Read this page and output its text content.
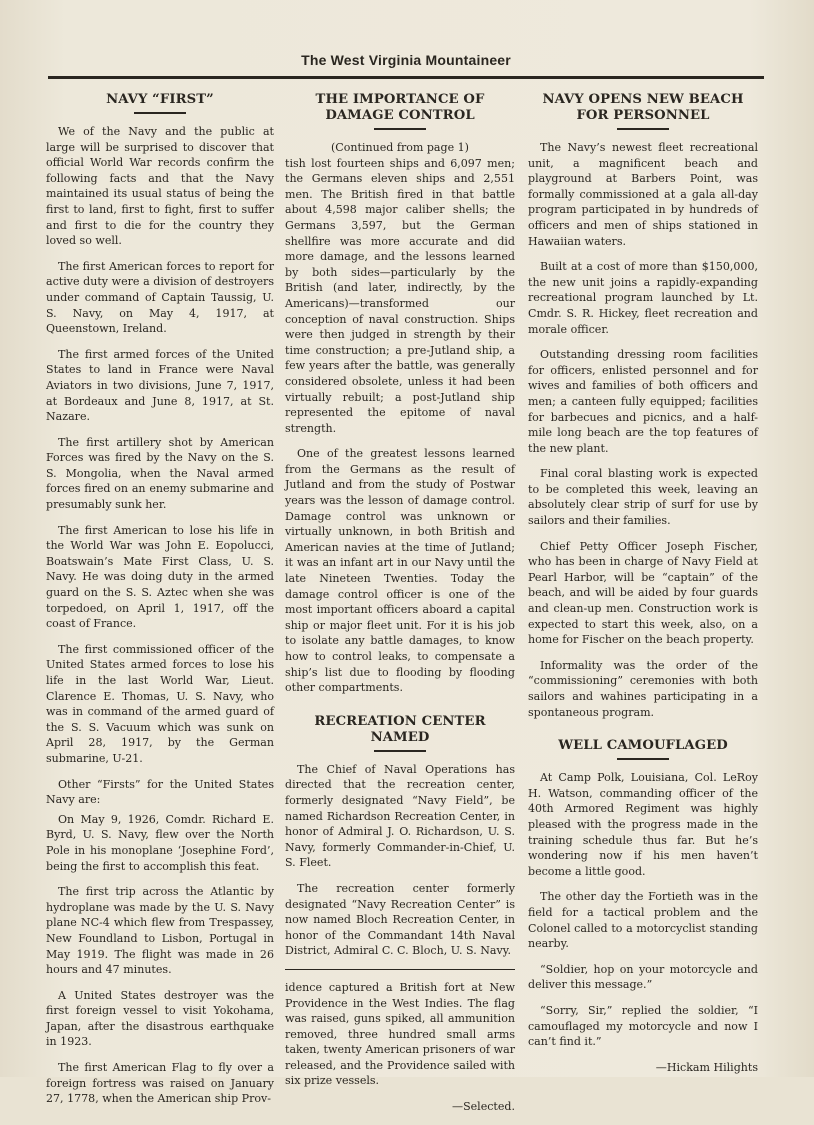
The West Virginia Mountaineer
NAVY “FIRST”

We of the Navy and the public at large will be surprised to discover that official World War records confirm the following facts and that the Navy maintained its usual status of being the first to land, first to fight, first to suffer and first to die for the country they loved so well.

The first American forces to report for active duty were a division of destroyers under command of Captain Taussig, U. S. Navy, on May 4, 1917, at Queenstown, Ireland.

The first armed forces of the United States to land in France were Naval Aviators in two divisions, June 7, 1917, at Bordeaux and June 8, 1917, at St. Nazare.

The first artillery shot by American Forces was fired by the Navy on the S. S. Mongolia, when the Naval armed forces fired on an enemy submarine and presumably sunk her.

The first American to lose his life in the World War was John E. Eopolucci, Boatswain’s Mate First Class, U. S. Navy. He was doing duty in the armed guard on the S. S. Aztec when she was torpedoed, on April 1, 1917, off the coast of France.

The first commissioned officer of the United States armed forces to lose his life in the last World War, Lieut. Clarence E. Thomas, U. S. Navy, who was in command of the armed guard of the S. S. Vacuum which was sunk on April 28, 1917, by the German submarine, U-21.

Other “Firsts” for the United States Navy are:

On May 9, 1926, Comdr. Richard E. Byrd, U. S. Navy, flew over the North Pole in his monoplane ‘Josephine Ford’, being the first to accomplish this feat.

The first trip across the Atlantic by hydroplane was made by the U. S. Navy plane NC-4 which flew from Trespassey, New Foundland to Lisbon, Portugal in May 1919. The flight was made in 26 hours and 47 minutes.

A United States destroyer was the first foreign vessel to visit Yokohama, Japan, after the disastrous earthquake in 1923.

The first American Flag to fly over a foreign fortress was raised on January 27, 1778, when the American ship Prov-

THE IMPORTANCE OF DAMAGE CONTROL

(Continued from page 1)

tish lost fourteen ships and 6,097 men; the Germans eleven ships and 2,551 men. The British fired in that battle about 4,598 major caliber shells; the Germans 3,597, but the German shellfire was more accurate and did more damage, and the lessons learned by both sides—particularly by the British (and later, indirectly, by the Americans)—transformed our conception of naval construction. Ships were then judged in strength by their time construction; a pre-Jutland ship, a few years after the battle, was generally considered obsolete, unless it had been virtually rebuilt; a post-Jutland ship represented the epitome of naval strength.

One of the greatest lessons learned from the Germans as the result of Jutland and from the study of Postwar years was the lesson of damage control. Damage control was unknown or virtually unknown, in both British and American navies at the time of Jutland; it was an infant art in our Navy until the late Nineteen Twenties. Today the damage control officer is one of the most important officers aboard a capital ship or major fleet unit. For it is his job to isolate any battle damages, to know how to control leaks, to compensate a ship’s list due to flooding by flooding other compartments.

RECREATION CENTER NAMED

The Chief of Naval Operations has directed that the recreation center, formerly designated “Navy Field”, be named Richardson Recreation Center, in honor of Admiral J. O. Richardson, U. S. Navy, formerly Commander-in-Chief, U. S. Fleet.

The recreation center formerly designated “Navy Recreation Center” is now named Bloch Recreation Center, in honor of the Commandant 14th Naval District, Admiral C. C. Bloch, U. S. Navy.

idence captured a British fort at New Providence in the West Indies. The flag was raised, guns spiked, all ammunition removed, three hundred small arms taken, twenty American prisoners of war released, and the Providence sailed with six prize vessels.

—Selected.

NAVY OPENS NEW BEACH FOR PERSONNEL

The Navy’s newest fleet recreational unit, a magnificent beach and playground at Barbers Point, was formally commissioned at a gala all-day program participated in by hundreds of officers and men of ships stationed in Hawaiian waters.

Built at a cost of more than $150,000, the new unit joins a rapidly-expanding recreational program launched by Lt. Cmdr. S. R. Hickey, fleet recreation and morale officer.

Outstanding dressing room facilities for officers, enlisted personnel and for wives and families of both officers and men; a canteen fully equipped; facilities for barbecues and picnics, and a half-mile long beach are the top features of the new plant.

Final coral blasting work is expected to be completed this week, leaving an absolutely clear strip of surf for use by sailors and their families.

Chief Petty Officer Joseph Fischer, who has been in charge of Navy Field at Pearl Harbor, will be “captain” of the beach, and will be aided by four guards and clean-up men. Construction work is expected to start this week, also, on a home for Fischer on the beach property.

Informality was the order of the “commissioning” ceremonies with both sailors and wahines participating in a spontaneous program.

WELL CAMOUFLAGED

At Camp Polk, Louisiana, Col. LeRoy H. Watson, commanding officer of the 40th Armored Regiment was highly pleased with the progress made in the training schedule thus far. But he’s wondering now if his men haven’t become a little good.

The other day the Fortieth was in the field for a tactical problem and the Colonel called to a motorcyclist standing nearby.

“Soldier, hop on your motorcycle and deliver this message.”

“Sorry, Sir,” replied the soldier, “I camouflaged my motorcycle and now I can’t find it.”

—Hickam Hilights
